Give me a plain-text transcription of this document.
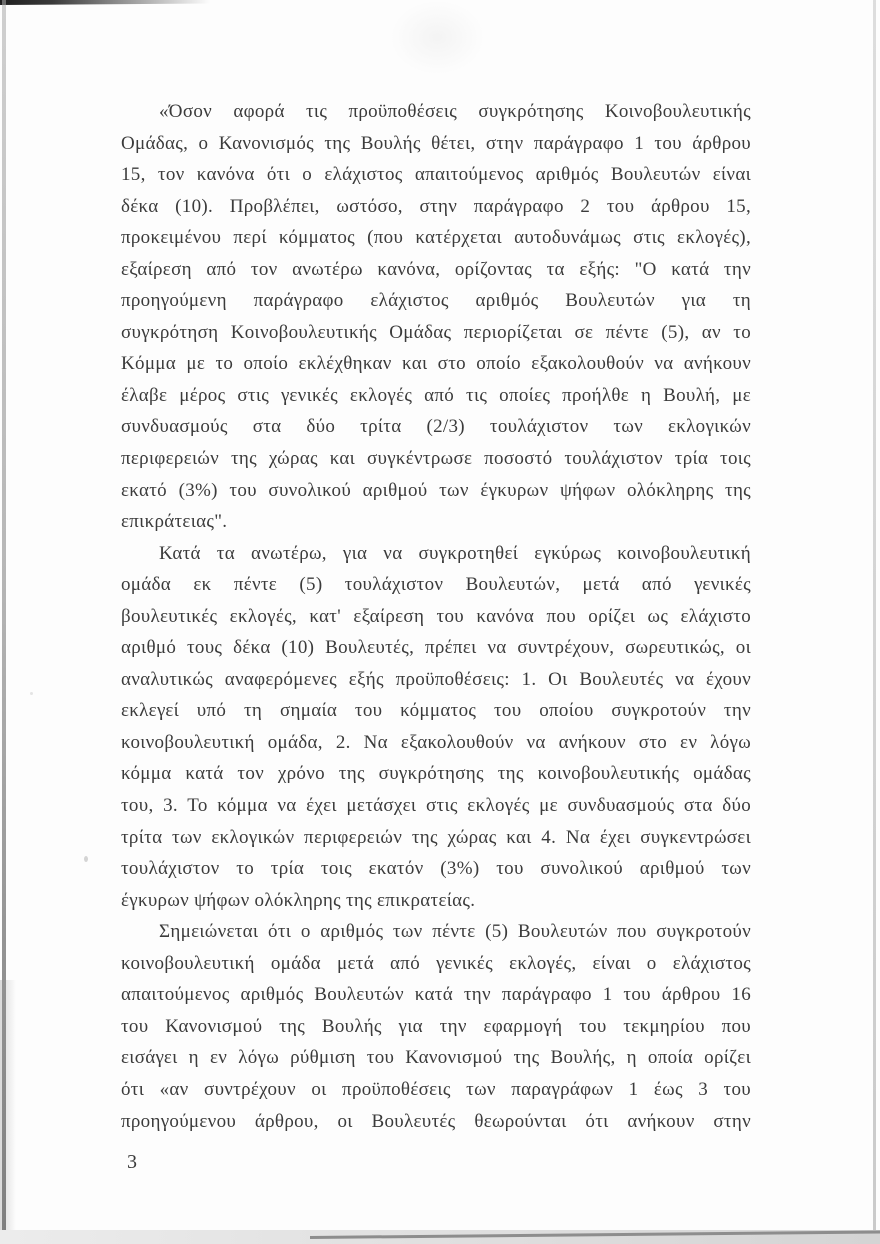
«Όσον αφορά τις προϋποθέσεις συγκρότησης Κοινοβουλευτικής
Ομάδας, ο Κανονισμός της Βουλής θέτει, στην παράγραφο 1 του άρθρου
15, τον κανόνα ότι ο ελάχιστος απαιτούμενος αριθμός Βουλευτών είναι
δέκα (10). Προβλέπει, ωστόσο, στην παράγραφο 2 του άρθρου 15,
προκειμένου περί κόμματος (που κατέρχεται αυτοδυνάμως στις εκλογές),
εξαίρεση από τον ανωτέρω κανόνα, ορίζοντας τα εξής: "Ο κατά την
προηγούμενη παράγραφο ελάχιστος αριθμός Βουλευτών για τη
συγκρότηση Κοινοβουλευτικής Ομάδας περιορίζεται σε πέντε (5), αν το
Κόμμα με το οποίο εκλέχθηκαν και στο οποίο εξακολουθούν να ανήκουν
έλαβε μέρος στις γενικές εκλογές από τις οποίες προήλθε η Βουλή, με
συνδυασμούς στα δύο τρίτα (2/3) τουλάχιστον των εκλογικών
περιφερειών της χώρας και συγκέντρωσε ποσοστό τουλάχιστον τρία τοις
εκατό (3%) του συνολικού αριθμού των έγκυρων ψήφων ολόκληρης της
επικράτειας".
Κατά τα ανωτέρω, για να συγκροτηθεί εγκύρως κοινοβουλευτική
ομάδα εκ πέντε (5) τουλάχιστον Βουλευτών, μετά από γενικές
βουλευτικές εκλογές, κατ' εξαίρεση του κανόνα που ορίζει ως ελάχιστο
αριθμό τους δέκα (10) Βουλευτές, πρέπει να συντρέχουν, σωρευτικώς, οι
αναλυτικώς αναφερόμενες εξής προϋποθέσεις: 1. Οι Βουλευτές να έχουν
εκλεγεί υπό τη σημαία του κόμματος του οποίου συγκροτούν την
κοινοβουλευτική ομάδα, 2. Να εξακολουθούν να ανήκουν στο εν λόγω
κόμμα κατά τον χρόνο της συγκρότησης της κοινοβουλευτικής ομάδας
του, 3. Το κόμμα να έχει μετάσχει στις εκλογές με συνδυασμούς στα δύο
τρίτα των εκλογικών περιφερειών της χώρας και 4. Να έχει συγκεντρώσει
τουλάχιστον το τρία τοις εκατόν (3%) του συνολικού αριθμού των
έγκυρων ψήφων ολόκληρης της επικρατείας.
Σημειώνεται ότι ο αριθμός των πέντε (5) Βουλευτών που συγκροτούν
κοινοβουλευτική ομάδα μετά από γενικές εκλογές, είναι ο ελάχιστος
απαιτούμενος αριθμός Βουλευτών κατά την παράγραφο 1 του άρθρου 16
του Κανονισμού της Βουλής για την εφαρμογή του τεκμηρίου που
εισάγει η εν λόγω ρύθμιση του Κανονισμού της Βουλής, η οποία ορίζει
ότι «αν συντρέχουν οι προϋποθέσεις των παραγράφων 1 έως 3 του
προηγούμενου άρθρου, οι Βουλευτές θεωρούνται ότι ανήκουν στην
3
